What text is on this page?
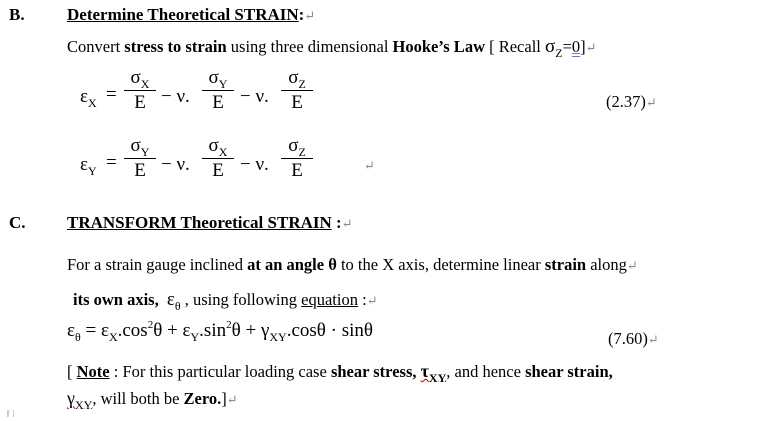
B. Determine Theoretical STRAIN:↵
Convert stress to strain using three dimensional Hooke’s Law [ Recall $\sigma_Z=0]↵$
$\varepsilon_X$ =
$\sigma_X$
E − ν.
$\sigma_Y$
E − ν.
$\sigma_Z$
E	(2.37)↵
$\varepsilon_Y$ =
$\sigma_Y$
E − ν.
$\sigma_X$
E − ν.
$\sigma_Z$
E	↵
C. TRANSFORM Theoretical STRAIN :↵
For a strain gauge inclined at an angle θ to the X axis, determine linear strain along↵
its own axis, $\varepsilon_\theta$ , using following equation :↵
$\varepsilon_\theta = \varepsilon_X.\cos^2\theta + \varepsilon_Y.\sin^2\theta + \gamma_{XY}.\cos\theta \cdot \sin\theta$	(7.60)↵
[ Note : For this particular loading case shear stress, $\tau_{XY}$, and hence shear strain,
$\gamma_{XY}$, will both be Zero.]↵
